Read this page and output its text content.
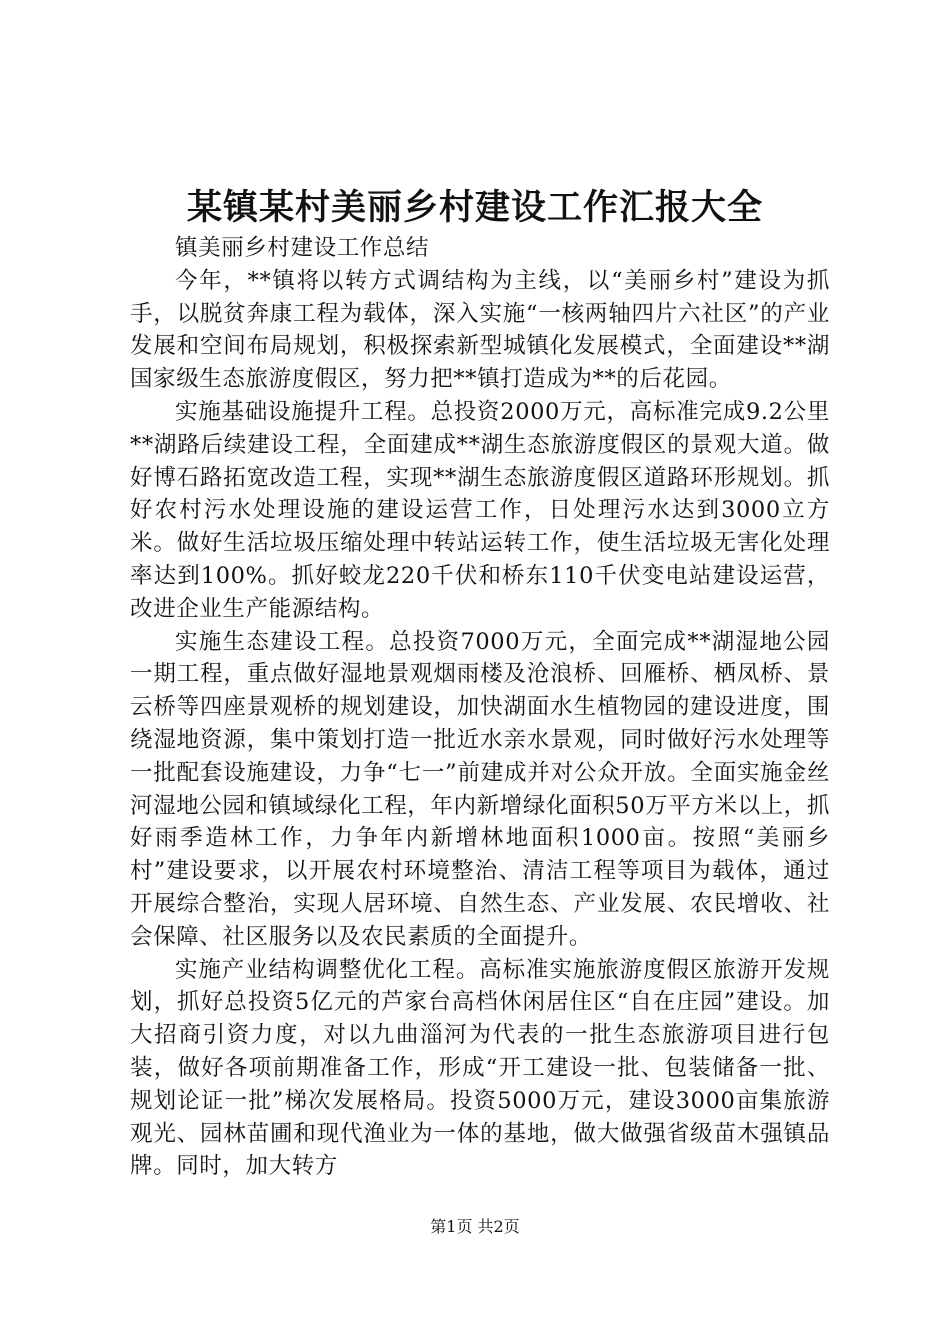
某镇某村美丽乡村建设工作汇报大全

镇美丽乡村建设工作总结

今年，**镇将以转方式调结构为主线，以“美丽乡村”建设为抓手，以脱贫奔康工程为载体，深入实施“一核两轴四片六社区”的产业发展和空间布局规划，积极探索新型城镇化发展模式，全面建设**湖国家级生态旅游度假区，努力把**镇打造成为**的后花园。

实施基础设施提升工程。总投资2000万元，高标准完成9.2公里**湖路后续建设工程，全面建成**湖生态旅游度假区的景观大道。做好博石路拓宽改造工程，实现**湖生态旅游度假区道路环形规划。抓好农村污水处理设施的建设运营工作，日处理污水达到3000立方米。做好生活垃圾压缩处理中转站运转工作，使生活垃圾无害化处理率达到100%。抓好蛟龙220千伏和桥东110千伏变电站建设运营，改进企业生产能源结构。

实施生态建设工程。总投资7000万元，全面完成**湖湿地公园一期工程，重点做好湿地景观烟雨楼及沧浪桥、回雁桥、栖凤桥、景云桥等四座景观桥的规划建设，加快湖面水生植物园的建设进度，围绕湿地资源，集中策划打造一批近水亲水景观，同时做好污水处理等一批配套设施建设，力争“七一”前建成并对公众开放。全面实施金丝河湿地公园和镇域绿化工程，年内新增绿化面积50万平方米以上，抓好雨季造林工作，力争年内新增林地面积1000亩。按照“美丽乡村”建设要求，以开展农村环境整治、清洁工程等项目为载体，通过开展综合整治，实现人居环境、自然生态、产业发展、农民增收、社会保障、社区服务以及农民素质的全面提升。

实施产业结构调整优化工程。高标准实施旅游度假区旅游开发规划，抓好总投资5亿元的芦家台高档休闲居住区“自在庄园”建设。加大招商引资力度，对以九曲淄河为代表的一批生态旅游项目进行包装，做好各项前期准备工作，形成“开工建设一批、包装储备一批、规划论证一批”梯次发展格局。投资5000万元，建设3000亩集旅游观光、园林苗圃和现代渔业为一体的基地，做大做强省级苗木强镇品牌。同时，加大转方

第1页 共2页
